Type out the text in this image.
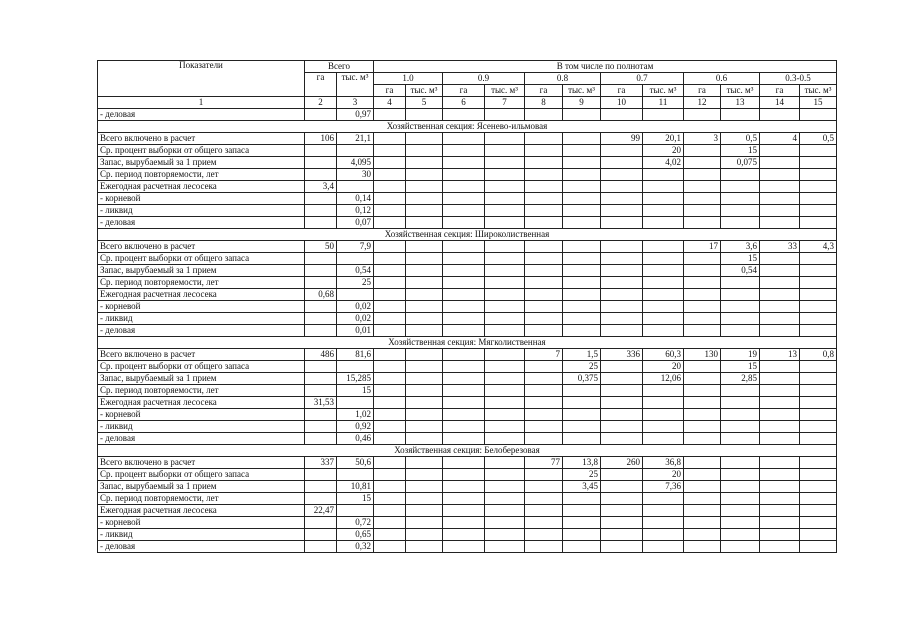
Показатели	Всего		В том числе по полнотам											
	га	тыс. м³	1.0		0.9		0.8		0.7		0.6		0.3-0.5	
			га	тыс. м³	га	тыс. м³	га	тыс. м³	га	тыс. м³	га	тыс. м³	га	тыс. м³
1	2	3	4	5	6	7	8	9	10	11	12	13	14	15
- деловая		0,97												
Хозяйственная секция: Ясенево-ильмовая														
Всего включено в расчет	106	21,1							99	20,1	3	0,5	4	0,5
Ср. процент выборки от общего запаса										20		15		
Запас, вырубаемый за 1 прием		4,095								4,02		0,075		
Ср. период повторяемости, лет		30												
Ежегодная расчетная лесосека	3,4													
- корневой		0,14												
- ликвид		0,12												
- деловая		0,07												
Хозяйственная секция: Широколиственная														
Всего включено в расчет	50	7,9									17	3,6	33	4,3
Ср. процент выборки от общего запаса												15		
Запас, вырубаемый за 1 прием		0,54										0,54		
Ср. период повторяемости, лет		25												
Ежегодная расчетная лесосека	0,68													
- корневой		0,02												
- ликвид		0,02												
- деловая		0,01												
Хозяйственная секция: Мягколиственная														
Всего включено в расчет	486	81,6					7	1,5	336	60,3	130	19	13	0,8
Ср. процент выборки от общего запаса								25		20		15		
Запас, вырубаемый за 1 прием		15,285						0,375		12,06		2,85		
Ср. период повторяемости, лет		15												
Ежегодная расчетная лесосека	31,53													
- корневой		1,02												
- ликвид		0,92												
- деловая		0,46												
Хозяйственная секция: Белоберезовая														
Всего включено в расчет	337	50,6					77	13,8	260	36,8				
Ср. процент выборки от общего запаса								25		20				
Запас, вырубаемый за 1 прием		10,81						3,45		7,36				
Ср. период повторяемости, лет		15												
Ежегодная расчетная лесосека	22,47													
- корневой		0,72												
- ликвид		0,65												
- деловая		0,32												
